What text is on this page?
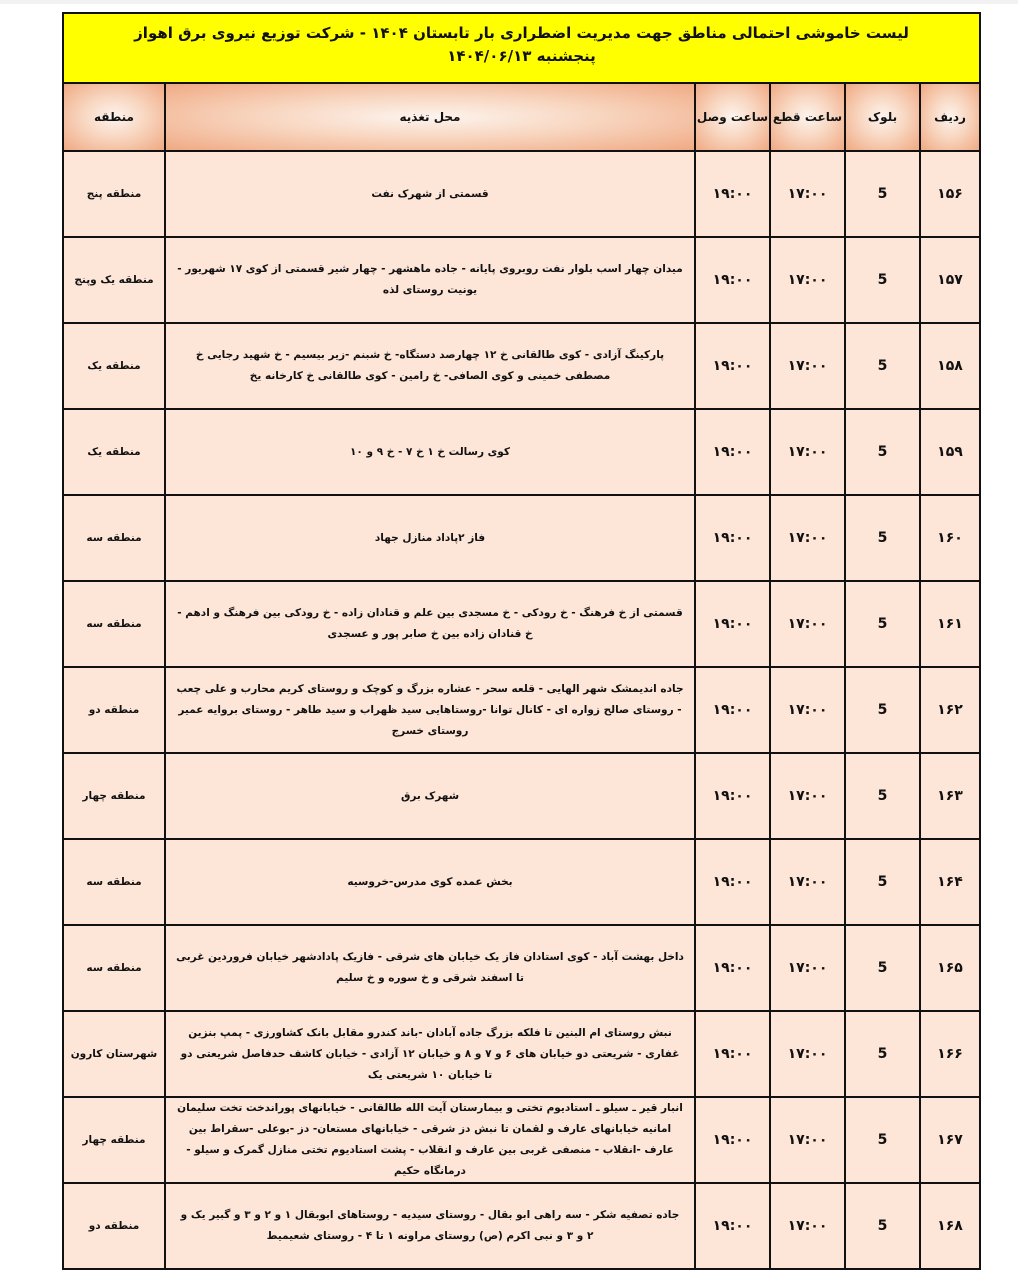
لیست خاموشی احتمالی مناطق جهت مدیریت اضطراری بار تابستان ۱۴۰۴ - شرکت توزیع نیروی برق اهواز
پنجشنبه ۱۴۰۴/۰۶/۱۳
ردیف	بلوک	ساعت قطع	ساعت وصل	محل تغذیه	منطقه
۱۵۶	5	۱۷:۰۰	۱۹:۰۰	قسمتی از شهرک نفت	منطقه پنج
۱۵۷	5	۱۷:۰۰	۱۹:۰۰	میدان چهار اسب بلوار نفت روبروی پایانه - جاده ماهشهر - چهار شیر قسمتی از کوی ۱۷ شهریور - یونیت روستای لذه	منطقه یک وپنج
۱۵۸	5	۱۷:۰۰	۱۹:۰۰	پارکینگ آزادی - کوی طالقانی خ ۱۲ چهارصد دستگاه- خ شبنم -زیر بیسیم - خ شهید رجایی خ مصطفی خمینی و کوی الصافی- خ رامین - کوی طالقانی خ کارخانه یخ	منطقه یک
۱۵۹	5	۱۷:۰۰	۱۹:۰۰	کوی رسالت خ ۱ خ ۷ - خ ۹ و ۱۰	منطقه یک
۱۶۰	5	۱۷:۰۰	۱۹:۰۰	فاز ۲پاداد منازل جهاد	منطقه سه
۱۶۱	5	۱۷:۰۰	۱۹:۰۰	قسمتی از خ فرهنگ - خ رودکی - خ مسجدی بین علم و قنادان زاده - خ رودکی بین فرهنگ و ادهم - خ قنادان زاده بین خ صابر پور و عسجدی	منطقه سه
۱۶۲	5	۱۷:۰۰	۱۹:۰۰	جاده اندیمشک شهر الهایی - قلعه سحر - عشاره بزرگ و کوچک و روستای کریم محارب و علی چعب - روستای صالح زواره ای - کانال توانا -روستاهایی سید ظهراب و سید طاهر - روستای بروایه عمیر روستای خسرج	منطقه دو
۱۶۳	5	۱۷:۰۰	۱۹:۰۰	شهرک برق	منطقه چهار
۱۶۴	5	۱۷:۰۰	۱۹:۰۰	بخش عمده کوی مدرس-خروسیه	منطقه سه
۱۶۵	5	۱۷:۰۰	۱۹:۰۰	داخل بهشت آباد - کوی استادان فاز یک خیابان های شرقی - فازیک پادادشهر خیابان فروردین غربی تا اسفند شرقی و خ سوره و خ سلیم	منطقه سه
۱۶۶	5	۱۷:۰۰	۱۹:۰۰	نبش روستای ام البنین تا فلکه بزرگ جاده آبادان -باند کندرو مقابل بانک کشاورزی - پمپ بنزین غفاری - شریعتی دو خیابان های ۶ و ۷ و ۸ و خیابان ۱۲ آزادی - خیابان کاشف حدفاصل شریعتی دو تا خیابان ۱۰ شریعتی یک	شهرستان کارون
۱۶۷	5	۱۷:۰۰	۱۹:۰۰	انبار قیر ـ سیلو ـ استادیوم تختی و بیمارستان آیت الله طالقانی - خیابانهای پوراندخت تخت سلیمان امانیه خیابانهای عارف و لقمان تا نبش دز شرقی - خیابانهای مستعان- دز -بوعلی -سقراط بین عارف -انقلاب - منصفی غربی بین عارف و انقلاب - پشت استادیوم تختی منازل گمرک و سیلو - درمانگاه حکیم	منطقه چهار
۱۶۸	5	۱۷:۰۰	۱۹:۰۰	جاده تصفیه شکر - سه راهی ابو بقال - روستای سیدیه - روستاهای ابوبقال ۱ و ۲ و ۳ و گبیر یک و ۲ و ۳ و نبی اکرم (ص) روستای مراونه ۱ تا ۴ - روستای شعیمیط	منطقه دو
